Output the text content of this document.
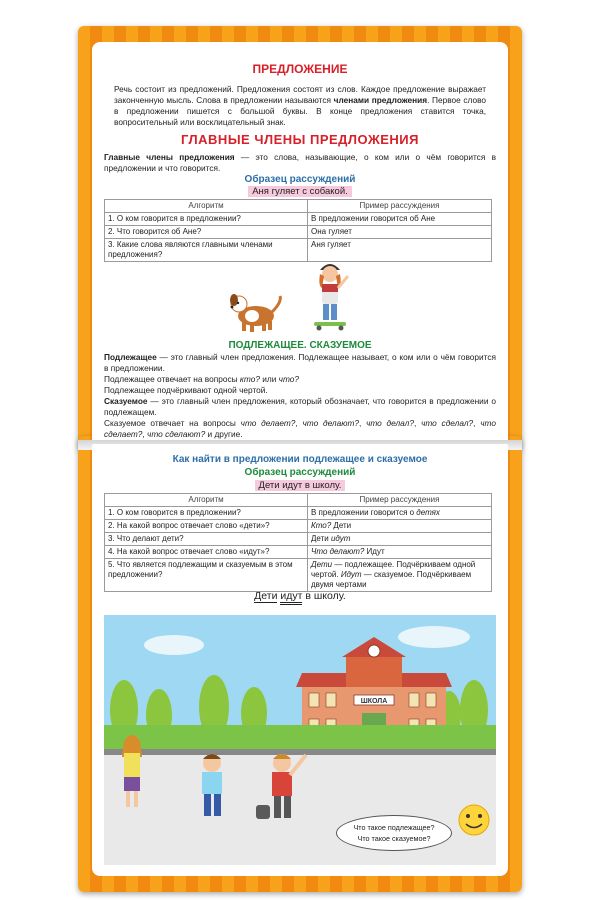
ПРЕДЛОЖЕНИЕ
Речь состоит из предложений. Предложения состоят из слов. Каждое предложение выражает законченную мысль. Слова в предложении называются членами предложения. Первое слово в предложении пишется с большой буквы. В конце предложения ставится точка, вопросительный или восклицательный знак.
ГЛАВНЫЕ ЧЛЕНЫ ПРЕДЛОЖЕНИЯ
Главные члены предложения — это слова, называющие, о ком или о чём говорится в предложении и что говорится.
Образец рассуждений
Аня гуляет с собакой.
Алгоритм	Пример рассуждения
1. О ком говорится в предложении?	В предложении говорится об Ане
2. Что говорится об Ане?	Она гуляет
3. Какие слова являются главными членами предложения?	Аня гуляет
ПОДЛЕЖАЩЕЕ. СКАЗУЕМОЕ

Подлежащее — это главный член предложения. Подлежащее называет, о ком или о чём говорится в предложении.

Подлежащее отвечает на вопросы кто? или что?

Подлежащее подчёркивают одной чертой.

Сказуемое — это главный член предложения, который обозначает, что говорится в предложении о подлежащем.

Сказуемое отвечает на вопросы что делает?, что делают?, что делал?, что сделал?, что сделает?, что сделают? и другие.

Как найти в предложении подлежащее и сказуемое
Образец рассуждений
Дети идут в школу.
Алгоритм	Пример рассуждения
1. О ком говорится в предложении?	В предложении говорится о детях
2. На какой вопрос отвечает слово «дети»?	Кто? Дети
3. Что делают дети?	Дети идут
4. На какой вопрос отвечает слово «идут»?	Что делают? Идут
5. Что является подлежащим и сказуемым в этом предложении?	Дети — подлежащее. Подчёркиваем одной чертой. Идут — сказуемое. Подчёркиваем двумя чертами
Дети идут в школу.
ШКОЛА
Что такое подлежащее?
Что такое сказуемое?
